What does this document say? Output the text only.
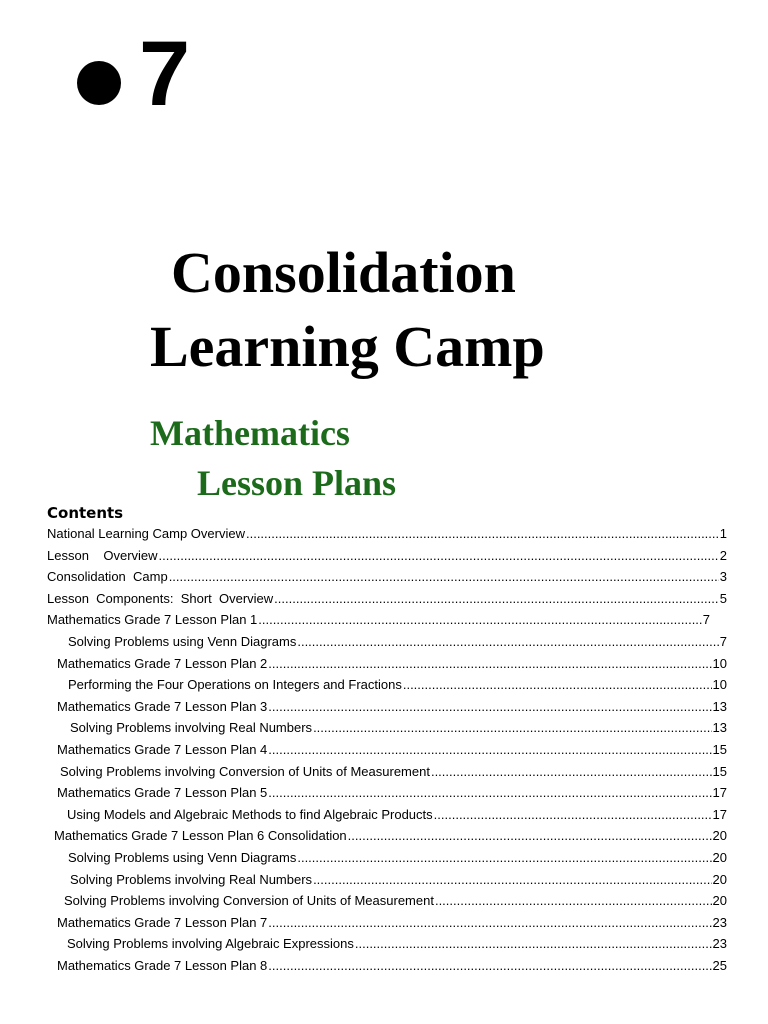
7
Consolidation
Learning Camp
Mathematics
Lesson Plans
Contents
National Learning Camp Overview .....	1
Lesson    Overview .....	2
Consolidation  Camp .....	3
Lesson  Components:  Short  Overview .....	5
Mathematics Grade 7 Lesson Plan 1 .....	7
Solving Problems using Venn Diagrams .....	7
Mathematics Grade 7 Lesson Plan 2 .....	10
Performing the Four Operations on Integers and Fractions .....	10
Mathematics Grade 7 Lesson Plan 3 .....	13
Solving Problems involving Real Numbers .....	13
Mathematics Grade 7 Lesson Plan 4 .....	15
Solving Problems involving Conversion of Units of Measurement .....	15
Mathematics Grade 7 Lesson Plan 5 .....	17
Using Models and Algebraic Methods to find Algebraic Products .....	17
Mathematics Grade 7 Lesson Plan 6 Consolidation .....	20
Solving Problems using Venn Diagrams .....	20
Solving Problems involving Real Numbers .....	20
Solving Problems involving Conversion of Units of Measurement .....	20
Mathematics Grade 7 Lesson Plan 7 .....	23
Solving Problems involving Algebraic Expressions .....	23
Mathematics Grade 7 Lesson Plan 8 .....	25
